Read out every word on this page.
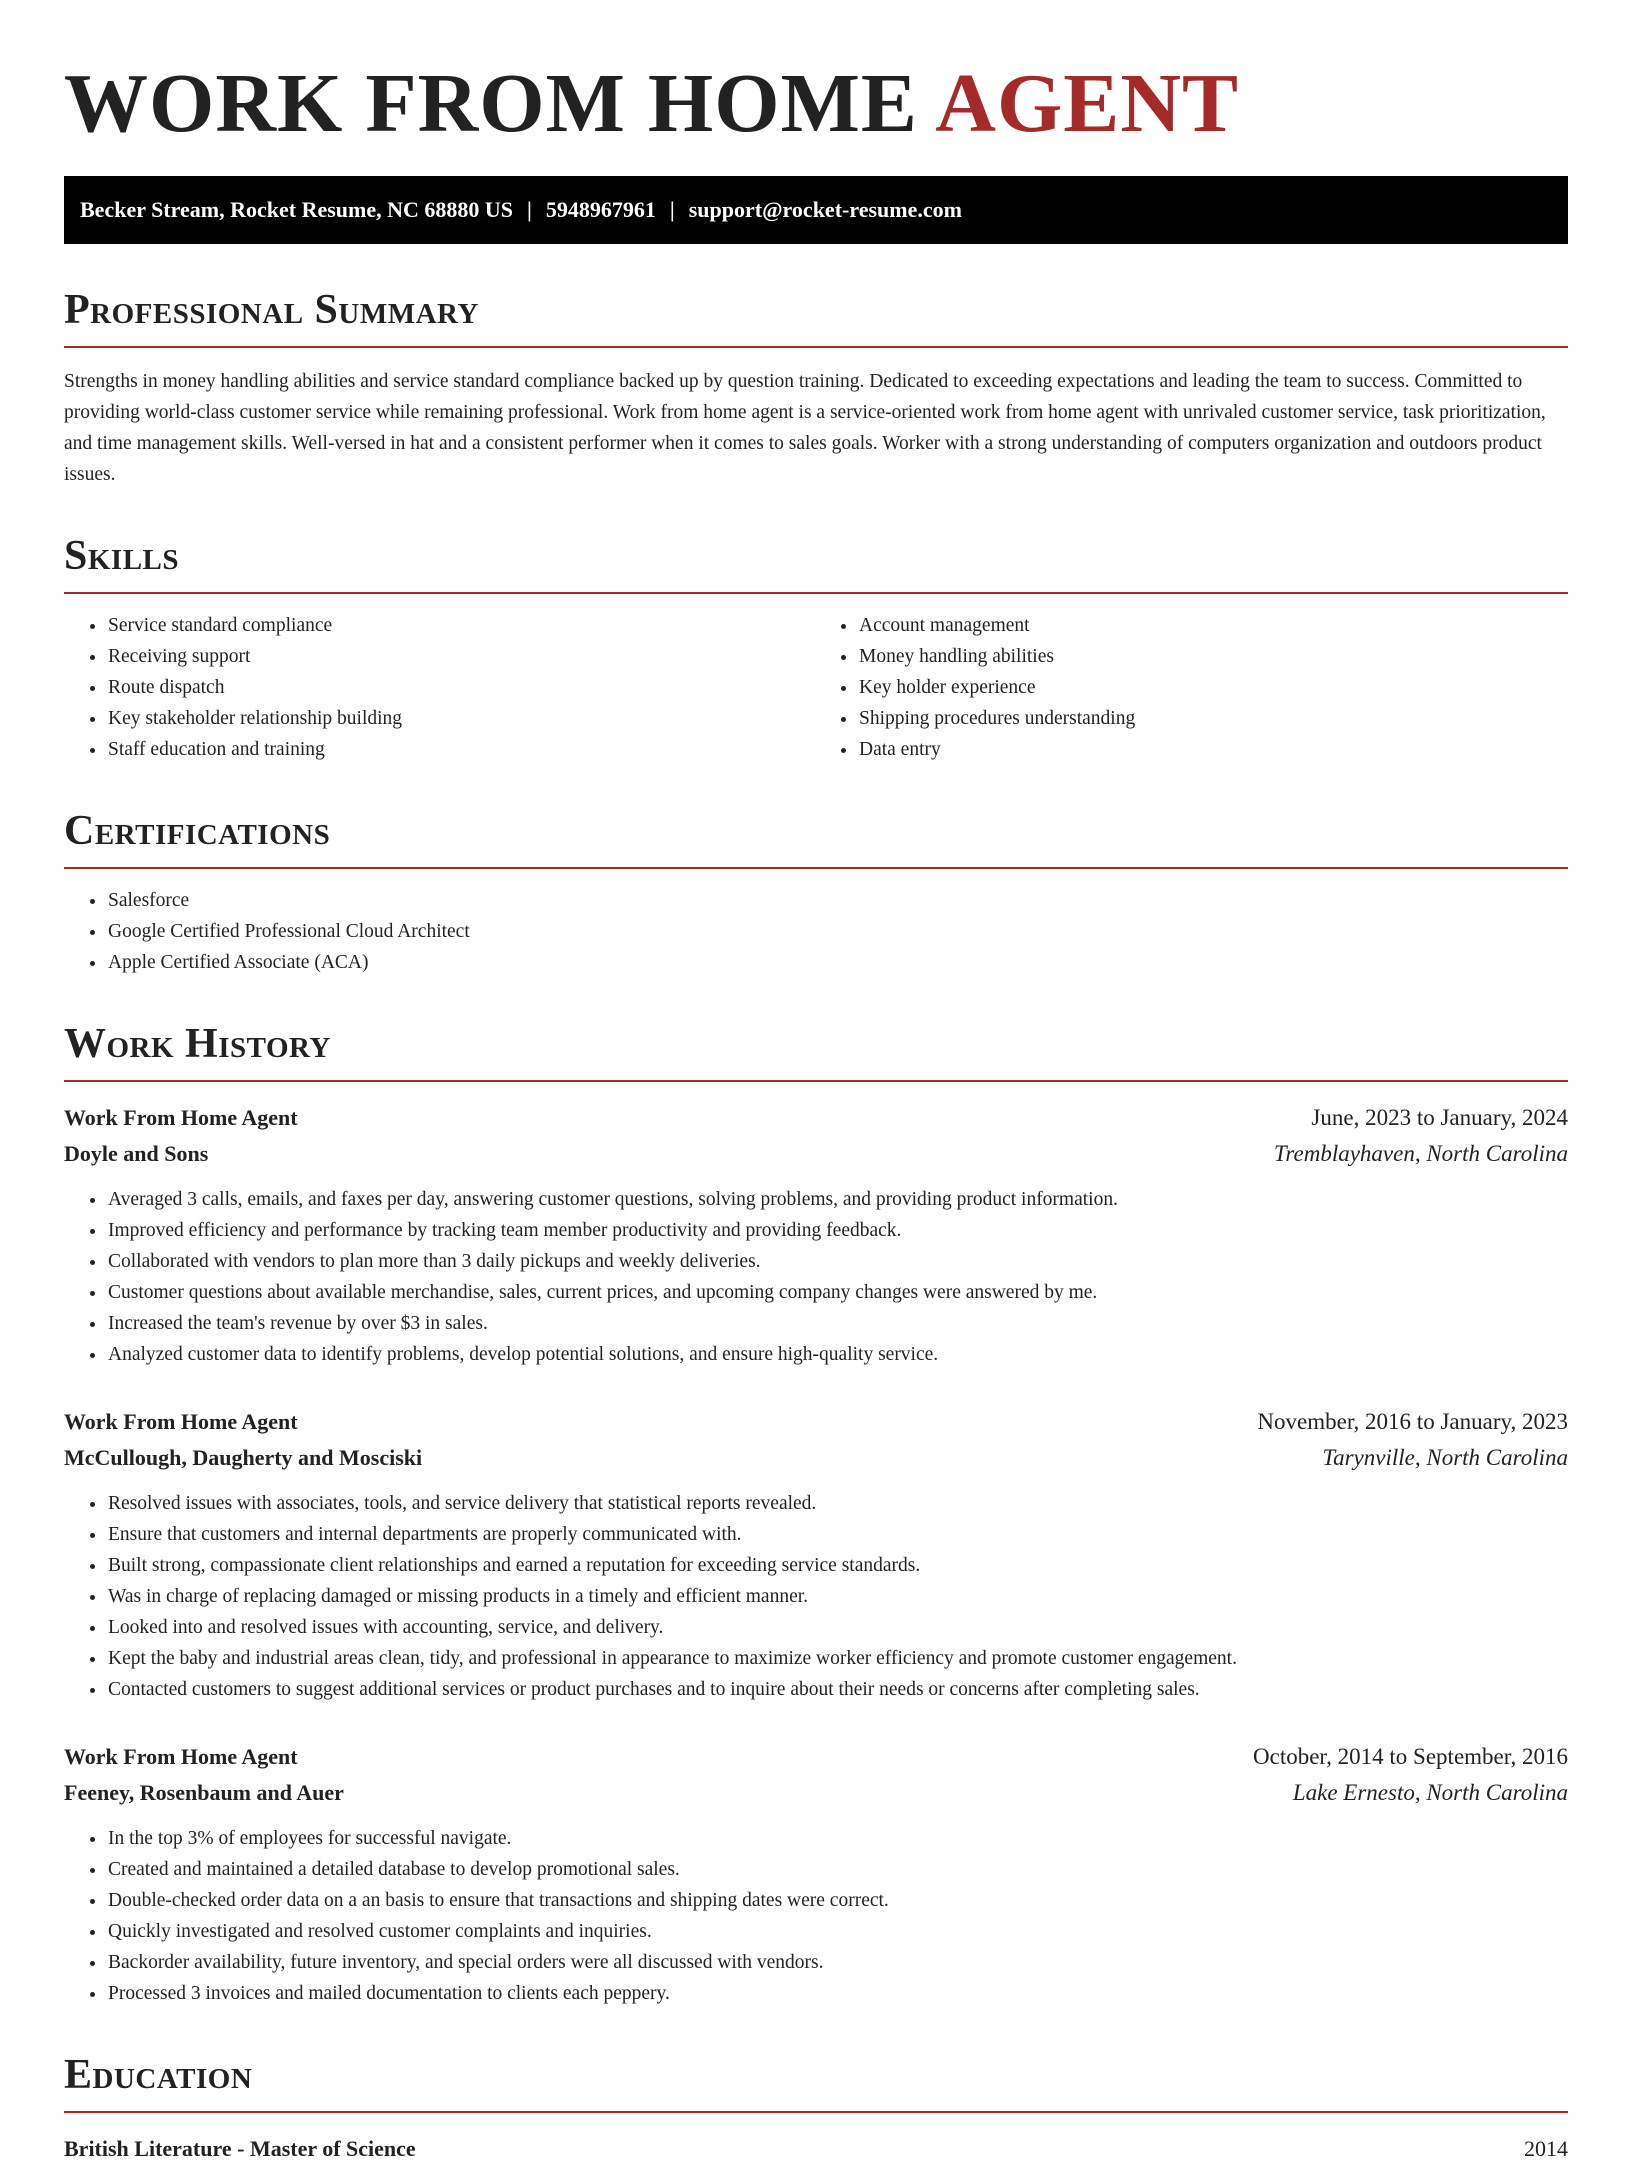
WORK FROM HOME AGENT
Becker Stream, Rocket Resume, NC 68880 US | 5948967961 | support@rocket-resume.com
Professional Summary

Strengths in money handling abilities and service standard compliance backed up by question training. Dedicated to exceeding expectations and leading the team to success. Committed to providing world-class customer service while remaining professional. Work from home agent is a service-oriented work from home agent with unrivaled customer service, task prioritization, and time management skills. Well-versed in hat and a consistent performer when it comes to sales goals. Worker with a strong understanding of computers organization and outdoors product issues.

Skills
• Service standard compliance
• Receiving support
• Route dispatch
• Key stakeholder relationship building
• Staff education and training
• Account management
• Money handling abilities
• Key holder experience
• Shipping procedures understanding
• Data entry
Certifications
• Salesforce
• Google Certified Professional Cloud Architect
• Apple Certified Associate (ACA)
Work History
Work From Home Agent	June, 2023 to January, 2024
Doyle and Sons	Tremblayhaven, North Carolina
• Averaged 3 calls, emails, and faxes per day, answering customer questions, solving problems, and providing product information.
• Improved efficiency and performance by tracking team member productivity and providing feedback.
• Collaborated with vendors to plan more than 3 daily pickups and weekly deliveries.
• Customer questions about available merchandise, sales, current prices, and upcoming company changes were answered by me.
• Increased the team's revenue by over $3 in sales.
• Analyzed customer data to identify problems, develop potential solutions, and ensure high-quality service.
Work From Home Agent	November, 2016 to January, 2023
McCullough, Daugherty and Mosciski	Tarynville, North Carolina
• Resolved issues with associates, tools, and service delivery that statistical reports revealed.
• Ensure that customers and internal departments are properly communicated with.
• Built strong, compassionate client relationships and earned a reputation for exceeding service standards.
• Was in charge of replacing damaged or missing products in a timely and efficient manner.
• Looked into and resolved issues with accounting, service, and delivery.
• Kept the baby and industrial areas clean, tidy, and professional in appearance to maximize worker efficiency and promote customer engagement.
• Contacted customers to suggest additional services or product purchases and to inquire about their needs or concerns after completing sales.
Work From Home Agent	October, 2014 to September, 2016
Feeney, Rosenbaum and Auer	Lake Ernesto, North Carolina
• In the top 3% of employees for successful navigate.
• Created and maintained a detailed database to develop promotional sales.
• Double-checked order data on a an basis to ensure that transactions and shipping dates were correct.
• Quickly investigated and resolved customer complaints and inquiries.
• Backorder availability, future inventory, and special orders were all discussed with vendors.
• Processed 3 invoices and mailed documentation to clients each peppery.
Education
British Literature - Master of Science	2014
